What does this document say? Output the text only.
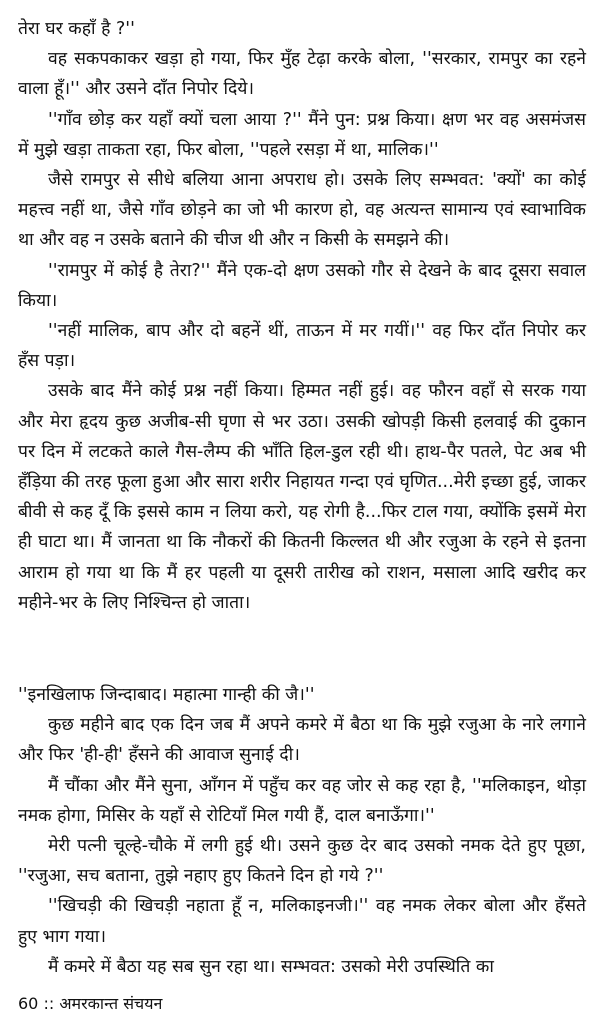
तेरा घर कहाँ है ?''

वह सकपकाकर खड़ा हो गया, फिर मुँह टेढ़ा करके बोला, ''सरकार, रामपुर का रहने वाला हूँ।'' और उसने दाँत निपोर दिये।

''गाँव छोड़ कर यहाँ क्यों चला आया ?'' मैंने पुन: प्रश्न किया। क्षण भर वह असमंजस में मुझे खड़ा ताकता रहा, फिर बोला, ''पहले रसड़ा में था, मालिक।''

जैसे रामपुर से सीधे बलिया आना अपराध हो। उसके लिए सम्भवत: 'क्यों' का कोई महत्त्व नहीं था, जैसे गाँव छोड़ने का जो भी कारण हो, वह अत्यन्त सामान्य एवं स्वाभाविक था और वह न उसके बताने की चीज थी और न किसी के समझने की।

''रामपुर में कोई है तेरा?'' मैंने एक-दो क्षण उसको गौर से देखने के बाद दूसरा सवाल किया।

''नहीं मालिक, बाप और दो बहनें थीं, ताऊन में मर गयीं।'' वह फिर दाँत निपोर कर हँस पड़ा।

उसके बाद मैंने कोई प्रश्न नहीं किया। हिम्मत नहीं हुई। वह फौरन वहाँ से सरक गया और मेरा हृदय कुछ अजीब-सी घृणा से भर उठा। उसकी खोपड़ी किसी हलवाई की दुकान पर दिन में लटकते काले गैस-लैम्प की भाँति हिल-डुल रही थी। हाथ-पैर पतले, पेट अब भी हँड़िया की तरह फूला हुआ और सारा शरीर निहायत गन्दा एवं घृणित...मेरी इच्छा हुई, जाकर बीवी से कह दूँ कि इससे काम न लिया करो, यह रोगी है...फिर टाल गया, क्योंकि इसमें मेरा ही घाटा था। मैं जानता था कि नौकरों की कितनी किल्लत थी और रजुआ के रहने से इतना आराम हो गया था कि मैं हर पहली या दूसरी तारीख को राशन, मसाला आदि खरीद कर महीने-भर के लिए निश्चिन्त हो जाता।

''इनखिलाफ जिन्दाबाद। महात्मा गान्ही की जै।''

कुछ महीने बाद एक दिन जब मैं अपने कमरे में बैठा था कि मुझे रजुआ के नारे लगाने और फिर 'ही-ही' हँसने की आवाज सुनाई दी।

मैं चौंका और मैंने सुना, आँगन में पहुँच कर वह जोर से कह रहा है, ''मलिकाइन, थोड़ा नमक होगा, मिसिर के यहाँ से रोटियाँ मिल गयी हैं, दाल बनाऊँगा।''

मेरी पत्नी चूल्हे-चौके में लगी हुई थी। उसने कुछ देर बाद उसको नमक देते हुए पूछा, ''रजुआ, सच बताना, तुझे नहाए हुए कितने दिन हो गये ?''

''खिचड़ी की खिचड़ी नहाता हूँ न, मलिकाइनजी।'' वह नमक लेकर बोला और हँसते हुए भाग गया।

मैं कमरे में बैठा यह सब सुन रहा था। सम्भवत: उसको मेरी उपस्थिति का

60 :: अमरकान्त संचयन
